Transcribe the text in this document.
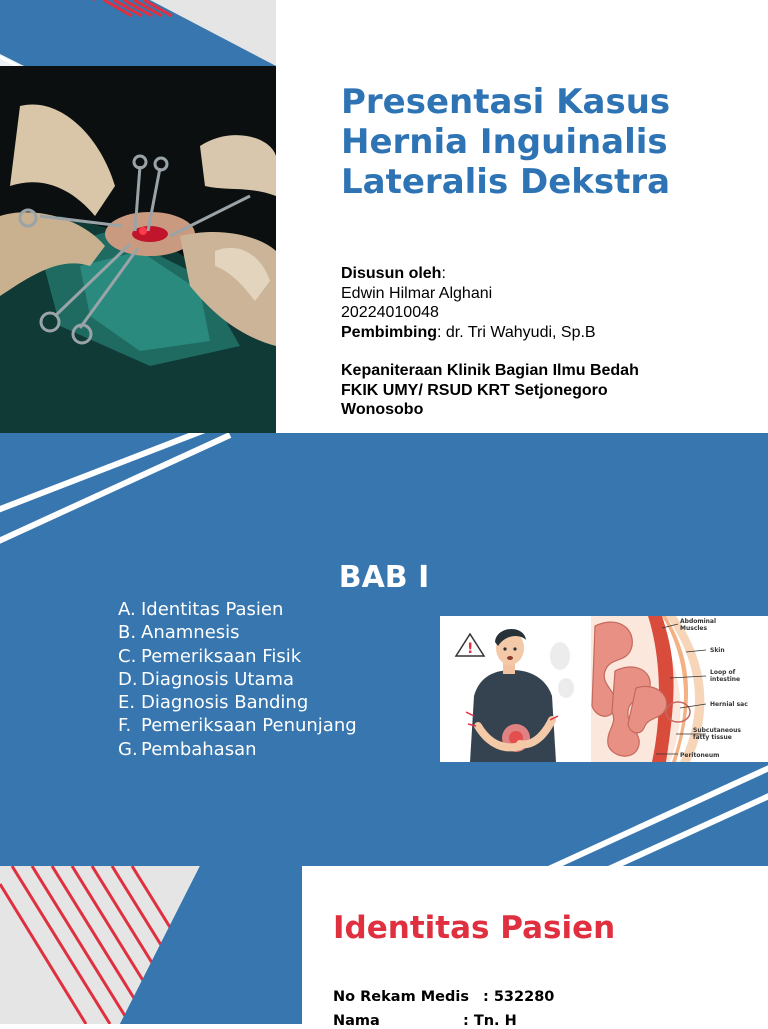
Presentasi Kasus
Hernia Inguinalis
Lateralis Dekstra
Disusun oleh:
Edwin Hilmar Alghani
20224010048
Pembimbing: dr. Tri Wahyudi, Sp.B
Kepaniteraan Klinik Bagian Ilmu Bedah
FKIK UMY/ RSUD KRT Setjonegoro
Wonosobo
BAB I
A. Identitas Pasien
B. Anamnesis
C. Pemeriksaan Fisik
D. Diagnosis Utama
E. Diagnosis Banding
F. Pemeriksaan Penunjang
G. Pembahasan
!
Abdominal
Muscles
Skin
Loop of
intestine
Hernial sac
Subcutaneous
fatty tissue
Peritoneum
Identitas Pasien
No Rekam Medis : 532280
Nama	: Tn. H
